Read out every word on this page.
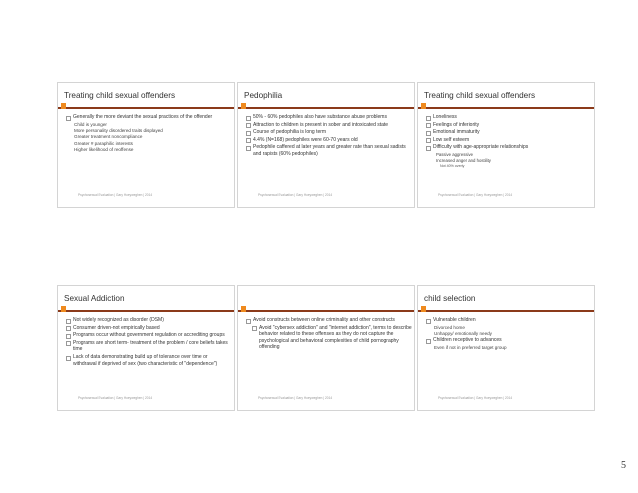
Treating child sexual offenders
Generally the more deviant the sexual practices of the offender
Child is younger
More personality disordered traits displayed
Greater treatment noncompliance
Greater # paraphilic interests
Higher likelihood of reoffense
Psychosexual Evaluation | Gary Hoeyweghen | 2014
Pedophilia
50% - 60% pedophiles also have substance abuse problems
Attraction to children is present in sober and intoxicated state
Course of pedophilia is long term
4.4% (N=168) pedophiles were 60-70 years old
Pedophile caffered at later years and greater rate than sexual sadists and rapists (60% pedophiles)
Psychosexual Evaluation | Gary Hoeyweghen | 2014
Treating child sexual offenders
Loneliness
Feelings of inferiority
Emotional immaturity
Low self esteem
Difficulty with age-appropriate relationships
Passive aggressive
Increased anger and hostility
Not 40% overly
Psychosexual Evaluation | Gary Hoeyweghen | 2014
Sexual Addiction
Not widely recognized as disorder (DSM)
Consumer driven-not empirically based
Programs occur without government regulation or accrediting groups
Programs are short term- treatment of the problem / core beliefs takes time
Lack of data demonstrating build up of tolerance over time or withdrawal if deprived of sex (two characteristic of "dependence")
Psychosexual Evaluation | Gary Hoeyweghen | 2014
Avoid constructs between online criminality and other constructs
Avoid "cybersex addiction" and "internet addiction", terms to describe behavior related to these offenses as they do not capture the psychological and behavioral complexities of child pornography offending
Psychosexual Evaluation | Gary Hoeyweghen | 2014
child selection
Vulnerable children
Divorced home
Unhappy/ emotionally needy
Children receptive to advances
Even if not in preferred target group
Psychosexual Evaluation | Gary Hoeyweghen | 2014
5
